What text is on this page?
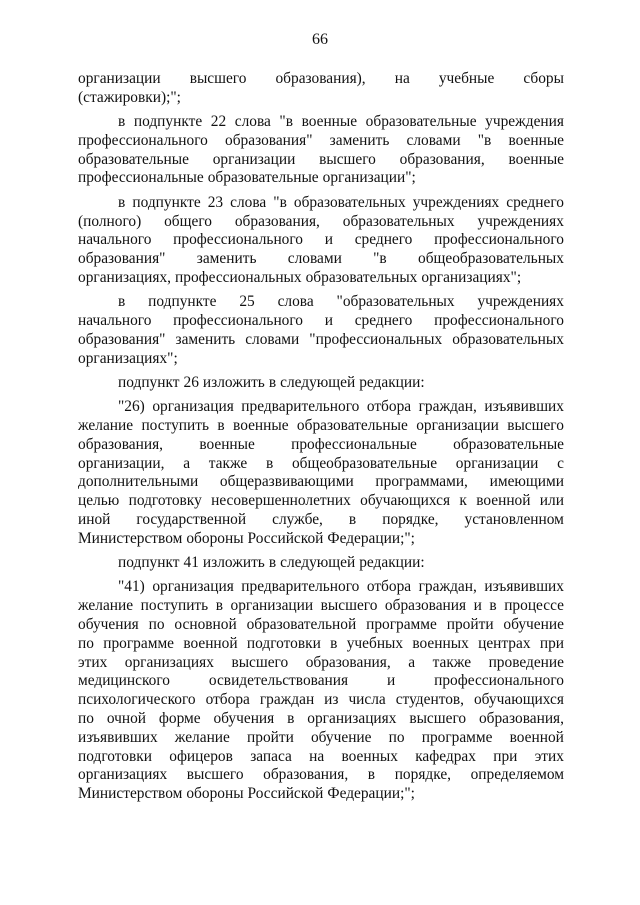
66
организации высшего образования), на учебные сборы
(стажировки);";
в подпункте 22 слова "в военные образовательные учреждения
профессионального образования" заменить словами "в военные
образовательные организации высшего образования, военные
профессиональные образовательные организации";
в подпункте 23 слова "в образовательных учреждениях среднего
(полного) общего образования, образовательных учреждениях
начального профессионального и среднего профессионального
образования" заменить словами "в общеобразовательных
организациях, профессиональных образовательных организациях";
в подпункте 25 слова "образовательных учреждениях
начального профессионального и среднего профессионального
образования" заменить словами "профессиональных образовательных
организациях";
подпункт 26 изложить в следующей редакции:
"26) организация предварительного отбора граждан, изъявивших
желание поступить в военные образовательные организации высшего
образования, военные профессиональные образовательные
организации, а также в общеобразовательные организации с
дополнительными общеразвивающими программами, имеющими
целью подготовку несовершеннолетних обучающихся к военной или
иной государственной службе, в порядке, установленном
Министерством обороны Российской Федерации;";
подпункт 41 изложить в следующей редакции:
"41) организация предварительного отбора граждан, изъявивших
желание поступить в организации высшего образования и в процессе
обучения по основной образовательной программе пройти обучение
по программе военной подготовки в учебных военных центрах при
этих организациях высшего образования, а также проведение
медицинского	освидетельствования	и	профессионального
психологического отбора граждан из числа студентов, обучающихся
по очной форме обучения в организациях высшего образования,
изъявивших желание пройти обучение по программе военной
подготовки офицеров запаса на военных кафедрах при этих
организациях высшего образования, в порядке, определяемом
Министерством обороны Российской Федерации;";
